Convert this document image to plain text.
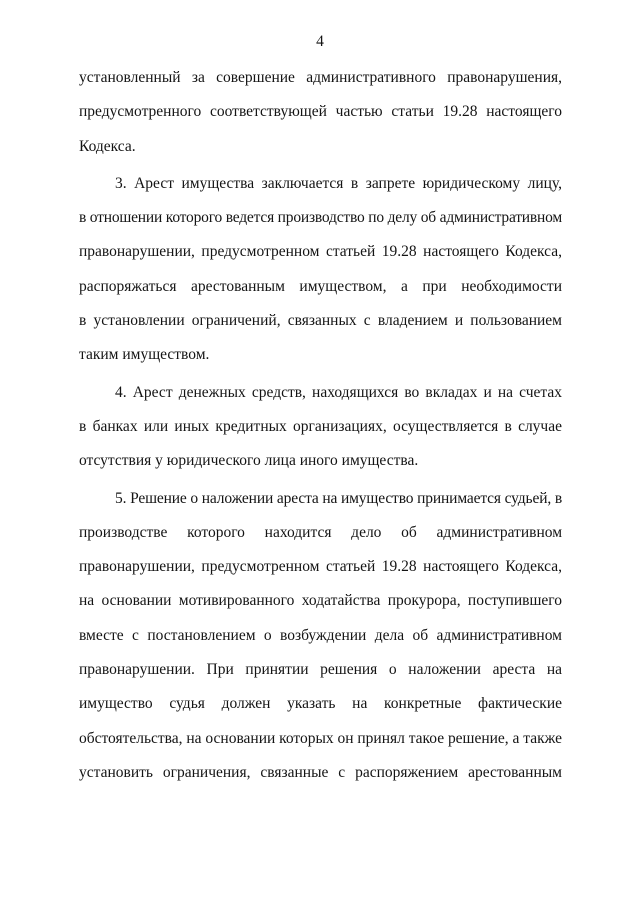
4

установленный за совершение административного правонарушения,
предусмотренного соответствующей частью статьи 19.28 настоящего
Кодекса.

3. Арест имущества заключается в запрете юридическому лицу,
в отношении которого ведется производство по делу об административном
правонарушении, предусмотренном статьей 19.28 настоящего Кодекса,
распоряжаться арестованным имуществом, а при необходимости
в установлении ограничений, связанных с владением и пользованием
таким имуществом.

4. Арест денежных средств, находящихся во вкладах и на счетах
в банках или иных кредитных организациях, осуществляется в случае
отсутствия у юридического лица иного имущества.

5. Решение о наложении ареста на имущество принимается судьей, в
производстве которого находится дело об административном
правонарушении, предусмотренном статьей 19.28 настоящего Кодекса,
на основании мотивированного ходатайства прокурора, поступившего
вместе с постановлением о возбуждении дела об административном
правонарушении. При принятии решения о наложении ареста на
имущество судья должен указать на конкретные фактические
обстоятельства, на основании которых он принял такое решение, а также
установить ограничения, связанные с распоряжением арестованным
